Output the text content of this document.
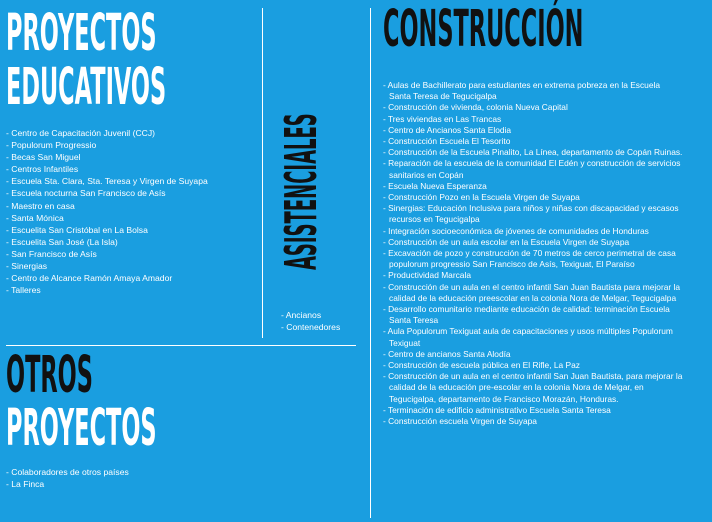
PROYECTOS
EDUCATIVOS
- Centro de Capacitación Juvenil (CCJ)
- Populorum Progressio
- Becas San Miguel
- Centros Infantiles
- Escuela Sta. Clara, Sta. Teresa y Virgen de Suyapa
- Escuela nocturna San Francisco de Asís
- Maestro en casa
- Santa Mónica
- Escuelita San Cristóbal en La Bolsa
- Escuelita San José (La Isla)
- San Francisco de Asís
- Sinergias
- Centro de Alcance Ramón Amaya Amador
- Talleres
ASISTENCIALES
- Ancianos
- Contenedores
OTROS
PROYECTOS
- Colaboradores de otros países
- La Finca
CONSTRUCCIÓN
- Aulas de Bachillerato para estudiantes en extrema pobreza en la Escuela Santa Teresa de Tegucigalpa
- Construcción de vivienda, colonia Nueva Capital
- Tres viviendas en Las Trancas
- Centro de Ancianos Santa Elodia
- Construcción Escuela El Tesorito
- Construcción de la Escuela Pinalito, La Línea, departamento de Copán Ruinas.
- Reparación de la escuela de la comunidad El Edén y construcción de servicios sanitarios en Copán
- Escuela Nueva Esperanza
- Construcción Pozo en la Escuela Virgen de Suyapa
- Sinergias: Educación Inclusiva para niños y niñas con discapacidad y escasos recursos en Tegucigalpa
- Integración socioeconómica de jóvenes de comunidades de Honduras
- Construcción de un aula escolar en la Escuela Virgen de Suyapa
- Excavación de pozo y construcción de 70 metros de cerco perimetral de casa populorum progressio San Francisco de Asís, Texiguat, El Paraíso
- Productividad Marcala
- Construcción de un aula en el centro infantil San Juan Bautista para mejorar la calidad de la educación preescolar en la colonia Nora de Melgar, Tegucigalpa
- Desarrollo comunitario mediante educación de calidad: terminación Escuela Santa Teresa
- Aula Populorum Texiguat aula de capacitaciones y usos múltiples Populorum Texiguat
- Centro de ancianos Santa Alodía
- Construcción de escuela pública en El Rifle, La Paz
- Construcción de un aula en el centro infantil San Juan Bautista, para mejorar la calidad de la educación pre-escolar en la colonia Nora de Melgar, en Tegucigalpa, departamento de Francisco Morazán, Honduras.
- Terminación de edificio administrativo Escuela Santa Teresa
- Construcción escuela Virgen de Suyapa
